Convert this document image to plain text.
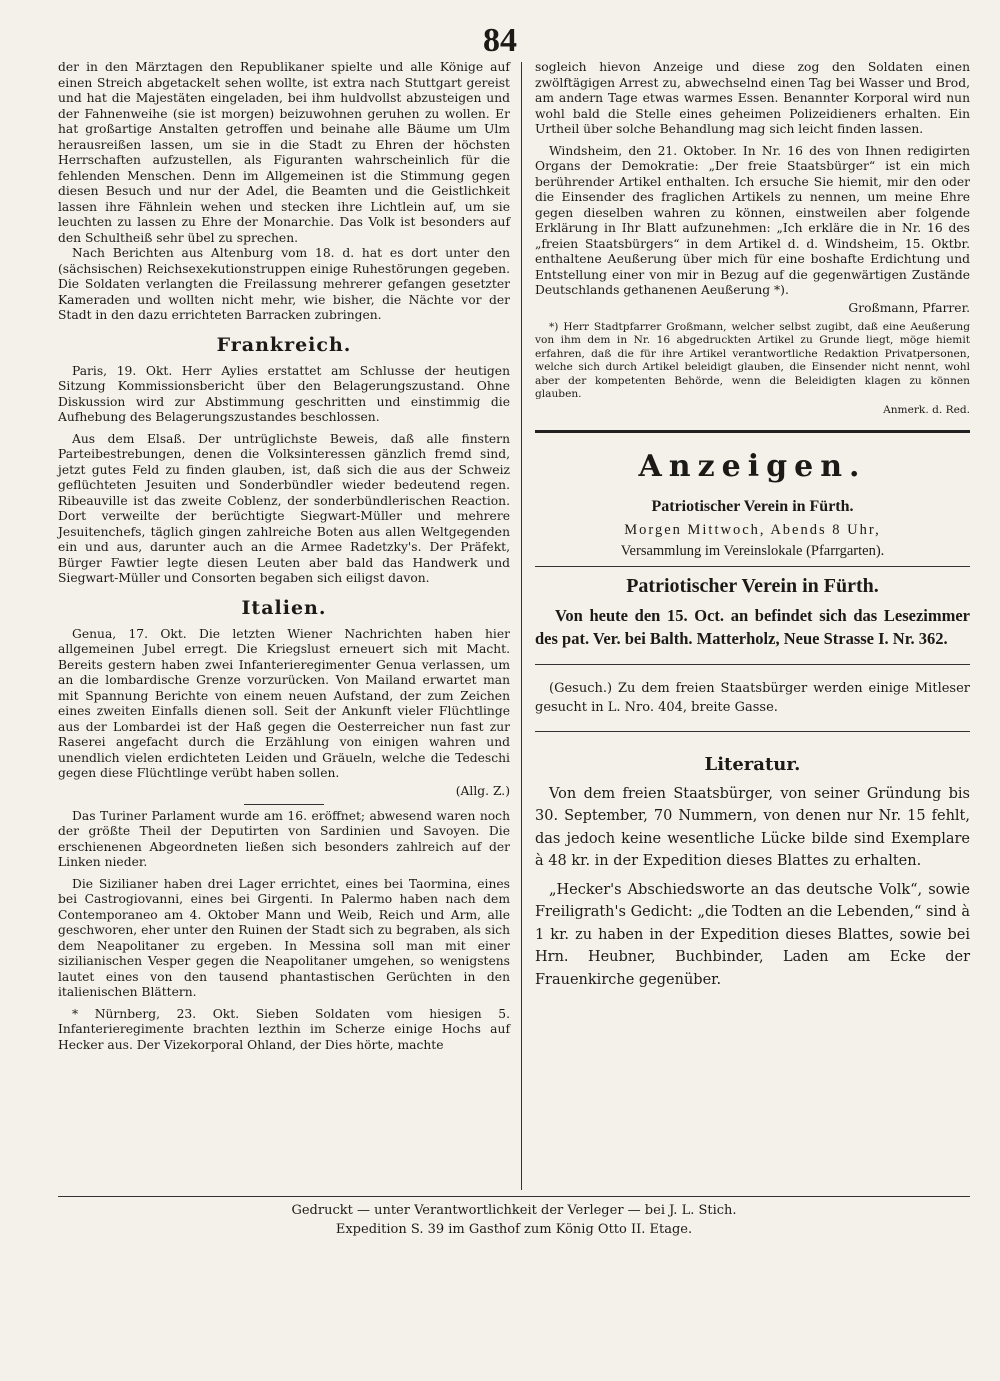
84

der in den Märztagen den Republikaner spielte und alle Könige auf einen Streich abgetackelt sehen wollte, ist extra nach Stuttgart gereist und hat die Majestäten eingeladen, bei ihm huldvollst abzusteigen und der Fahnenweihe (sie ist morgen) beizuwohnen geruhen zu wollen. Er hat großartige Anstalten getroffen und beinahe alle Bäume um Ulm herausreißen lassen, um sie in die Stadt zu Ehren der höchsten Herrschaften aufzustellen, als Figuranten wahrscheinlich für die fehlenden Menschen. Denn im Allgemeinen ist die Stimmung gegen diesen Besuch und nur der Adel, die Beamten und die Geistlichkeit lassen ihre Fähnlein wehen und stecken ihre Lichtlein auf, um sie leuchten zu lassen zu Ehre der Monarchie. Das Volk ist besonders auf den Schultheiß sehr übel zu sprechen.

Nach Berichten aus Altenburg vom 18. d. hat es dort unter den (sächsischen) Reichsexekutionstruppen einige Ruhestörungen gegeben. Die Soldaten verlangten die Freilassung mehrerer gefangen gesetzter Kameraden und wollten nicht mehr, wie bisher, die Nächte vor der Stadt in den dazu errichteten Barracken zubringen.

Frankreich.

Paris, 19. Okt. Herr Aylies erstattet am Schlusse der heutigen Sitzung Kommissionsbericht über den Belagerungszustand. Ohne Diskussion wird zur Abstimmung geschritten und einstimmig die Aufhebung des Belagerungszustandes beschlossen.

Aus dem Elsaß. Der untrüglichste Beweis, daß alle finstern Parteibestrebungen, denen die Volksinteressen gänzlich fremd sind, jetzt gutes Feld zu finden glauben, ist, daß sich die aus der Schweiz geflüchteten Jesuiten und Sonderbündler wieder bedeutend regen. Ribeauville ist das zweite Coblenz, der sonderbündlerischen Reaction. Dort verweilte der berüchtigte Siegwart-Müller und mehrere Jesuitenchefs, täglich gingen zahlreiche Boten aus allen Weltgegenden ein und aus, darunter auch an die Armee Radetzky's. Der Präfekt, Bürger Fawtier legte diesen Leuten aber bald das Handwerk und Siegwart-Müller und Consorten begaben sich eiligst davon.

Italien.

Genua, 17. Okt. Die letzten Wiener Nachrichten haben hier allgemeinen Jubel erregt. Die Kriegslust erneuert sich mit Macht. Bereits gestern haben zwei Infanterieregimenter Genua verlassen, um an die lombardische Grenze vorzurücken. Von Mailand erwartet man mit Spannung Berichte von einem neuen Aufstand, der zum Zeichen eines zweiten Einfalls dienen soll. Seit der Ankunft vieler Flüchtlinge aus der Lombardei ist der Haß gegen die Oesterreicher nun fast zur Raserei angefacht durch die Erzählung von einigen wahren und unendlich vielen erdichteten Leiden und Gräueln, welche die Tedeschi gegen diese Flüchtlinge verübt haben sollen.

(Allg. Z.)

Das Turiner Parlament wurde am 16. eröffnet; abwesend waren noch der größte Theil der Deputirten von Sardinien und Savoyen. Die erschienenen Abgeordneten ließen sich besonders zahlreich auf der Linken nieder.

Die Sizilianer haben drei Lager errichtet, eines bei Taormina, eines bei Castrogiovanni, eines bei Girgenti. In Palermo haben nach dem Contemporaneo am 4. Oktober Mann und Weib, Reich und Arm, alle geschworen, eher unter den Ruinen der Stadt sich zu begraben, als sich dem Neapolitaner zu ergeben. In Messina soll man mit einer sizilianischen Vesper gegen die Neapolitaner umgehen, so wenigstens lautet eines von den tausend phantastischen Gerüchten in den italienischen Blättern.

* Nürnberg, 23. Okt. Sieben Soldaten vom hiesigen 5. Infanterieregimente brachten lezthin im Scherze einige Hochs auf Hecker aus. Der Vizekorporal Ohland, der Dies hörte, machte

sogleich hievon Anzeige und diese zog den Soldaten einen zwölftägigen Arrest zu, abwechselnd einen Tag bei Wasser und Brod, am andern Tage etwas warmes Essen. Benannter Korporal wird nun wohl bald die Stelle eines geheimen Polizeidieners erhalten. Ein Urtheil über solche Behandlung mag sich leicht finden lassen.

Windsheim, den 21. Oktober. In Nr. 16 des von Ihnen redigirten Organs der Demokratie: „Der freie Staatsbürger“ ist ein mich berührender Artikel enthalten. Ich ersuche Sie hiemit, mir den oder die Einsender des fraglichen Artikels zu nennen, um meine Ehre gegen dieselben wahren zu können, einstweilen aber folgende Erklärung in Ihr Blatt aufzunehmen: „Ich erkläre die in Nr. 16 des „freien Staatsbürgers“ in dem Artikel d. d. Windsheim, 15. Oktbr. enthaltene Aeußerung über mich für eine boshafte Erdichtung und Entstellung einer von mir in Bezug auf die gegenwärtigen Zustände Deutschlands gethanenen Aeußerung *).

Großmann, Pfarrer.

*) Herr Stadtpfarrer Großmann, welcher selbst zugibt, daß eine Aeußerung von ihm dem in Nr. 16 abgedruckten Artikel zu Grunde liegt, möge hiemit erfahren, daß die für ihre Artikel verantwortliche Redaktion Privatpersonen, welche sich durch Artikel beleidigt glauben, die Einsender nicht nennt, wohl aber der kompetenten Behörde, wenn die Beleidigten klagen zu können glauben.

Anmerk. d. Red.
Anzeigen.
Patriotischer Verein in Fürth.
Morgen Mittwoch, Abends 8 Uhr,
Versammlung im Vereinslokale (Pfarrgarten).
Patriotischer Verein in Fürth.

Von heute den 15. Oct. an befindet sich das Lesezimmer des pat. Ver. bei Balth. Matterholz, Neue Strasse I. Nr. 362.

(Gesuch.) Zu dem freien Staatsbürger werden einige Mitleser gesucht in L. Nro. 404, breite Gasse.

Literatur.

Von dem freien Staatsbürger, von seiner Gründung bis 30. September, 70 Nummern, von denen nur Nr. 15 fehlt, das jedoch keine wesentliche Lücke bilde sind Exemplare à 48 kr. in der Expedition dieses Blattes zu erhalten.

„Hecker's Abschiedsworte an das deutsche Volk“, sowie Freiligrath's Gedicht: „die Todten an die Lebenden,“ sind à 1 kr. zu haben in der Expedition dieses Blattes, sowie bei Hrn. Heubner, Buchbinder, Laden am Ecke der Frauenkirche gegenüber.

Gedruckt — unter Verantwortlichkeit der Verleger — bei J. L. Stich.
Expedition S. 39 im Gasthof zum König Otto II. Etage.
